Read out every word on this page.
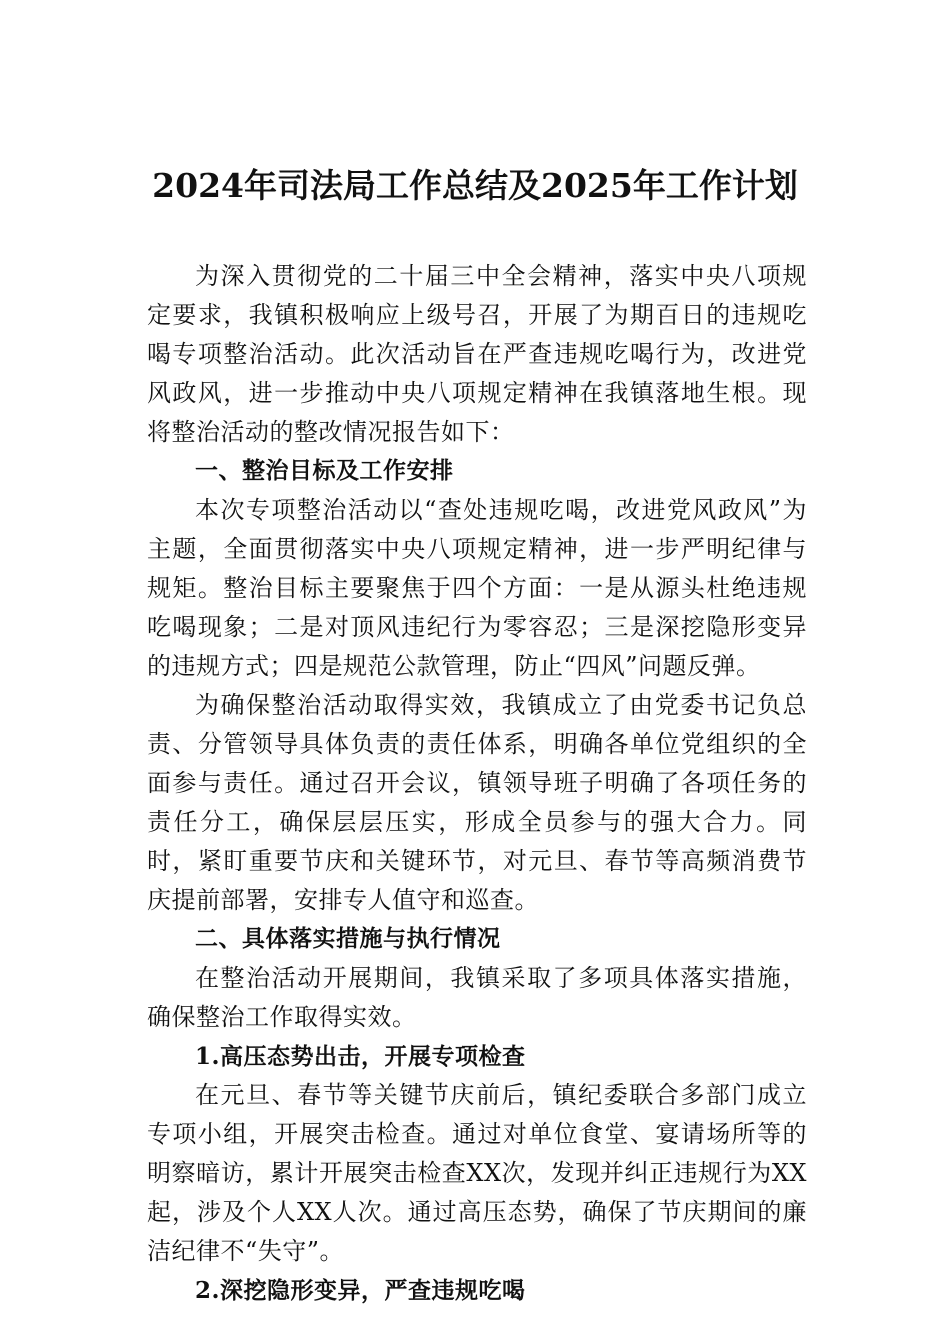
2024年司法局工作总结及2025年工作计划

为深入贯彻党的二十届三中全会精神，落实中央八项规定要求，我镇积极响应上级号召，开展了为期百日的违规吃喝专项整治活动。此次活动旨在严查违规吃喝行为，改进党风政风，进一步推动中央八项规定精神在我镇落地生根。现将整治活动的整改情况报告如下：

一、整治目标及工作安排

本次专项整治活动以“查处违规吃喝，改进党风政风”为主题，全面贯彻落实中央八项规定精神，进一步严明纪律与规矩。整治目标主要聚焦于四个方面：一是从源头杜绝违规吃喝现象；二是对顶风违纪行为零容忍；三是深挖隐形变异的违规方式；四是规范公款管理，防止“四风”问题反弹。

为确保整治活动取得实效，我镇成立了由党委书记负总责、分管领导具体负责的责任体系，明确各单位党组织的全面参与责任。通过召开会议，镇领导班子明确了各项任务的责任分工，确保层层压实，形成全员参与的强大合力。同时，紧盯重要节庆和关键环节，对元旦、春节等高频消费节庆提前部署，安排专人值守和巡查。

二、具体落实措施与执行情况

在整治活动开展期间，我镇采取了多项具体落实措施，确保整治工作取得实效。

1.高压态势出击，开展专项检查

在元旦、春节等关键节庆前后，镇纪委联合多部门成立专项小组，开展突击检查。通过对单位食堂、宴请场所等的明察暗访，累计开展突击检查XX次，发现并纠正违规行为XX起，涉及个人XX人次。通过高压态势，确保了节庆期间的廉洁纪律不“失守”。

2.深挖隐形变异，严查违规吃喝
